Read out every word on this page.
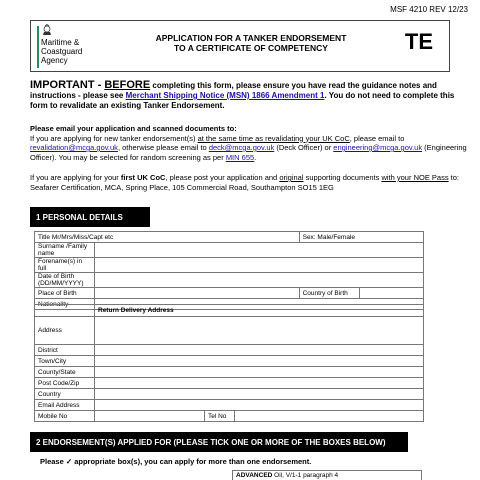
MSF 4210 REV 12/23
Maritime &
Coastguard
Agency
APPLICATION FOR A TANKER ENDORSEMENT
TO A CERTIFICATE OF COMPETENCY	TE
IMPORTANT - BEFORE completing this form, please ensure you have read the guidance notes and instructions - please see Merchant Shipping Notice (MSN) 1866 Amendment 1. You do not need to complete this form to revalidate an existing Tanker Endorsement.
Please email your application and scanned documents to:
If you are applying for new tanker endorsement(s) at the same time as revalidating your UK CoC, please email to revalidation@mcga.gov.uk, otherwise please email to deck@mcga.gov.uk (Deck Officer) or engineering@mcga.gov.uk (Engineering Officer). You may be selected for random screening as per MIN 655.
If you are applying for your first UK CoC, please post your application and original supporting documents with your NOE Pass to: Seafarer Certification, MCA, Spring Place, 105 Commercial Road, Southampton SO15 1EG
1 PERSONAL DETAILS
Title Mr/Mrs/Miss/Capt etc		Sex: Male/Female	
Surname /Family name			
Forename(s) in full			
Date of Birth (DD/MM/YYYY)			
Place of Birth		Country of Birth	
Nationality			
	Return Delivery Address		
Address			
District			
Town/City			
County/State			
Post Code/Zip			
Country			
Email Address			
Mobile No		Tel No	
2 ENDORSEMENT(S) APPLIED FOR (PLEASE TICK ONE OR MORE OF THE BOXES BELOW)
Please ✓ appropriate box(s), you can apply for more than one endorsement.
ADVANCED Oil, V/1-1 paragraph 4
